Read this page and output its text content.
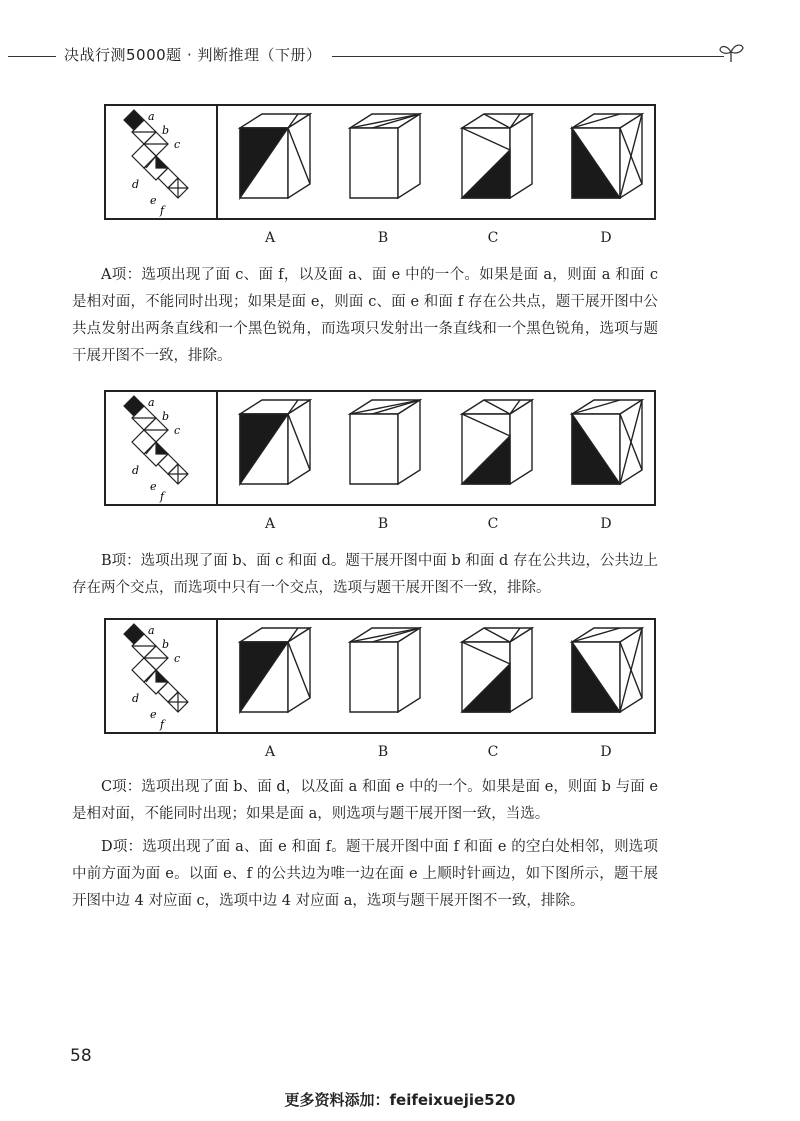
决战行测5000题 · 判断推理（下册）
a
b
c
d
e
f
A	B	C	D

A项：选项出现了面 c、面 f，以及面 a、面 e 中的一个。如果是面 a，则面 a 和面 c 是相对面，不能同时出现；如果是面 e，则面 c、面 e 和面 f 存在公共点，题干展开图中公共点发射出两条直线和一个黑色锐角，而选项只发射出一条直线和一个黑色锐角，选项与题干展开图不一致，排除。

a
b
c
d
e
f
A	B	C	D

B项：选项出现了面 b、面 c 和面 d。题干展开图中面 b 和面 d 存在公共边，公共边上存在两个交点，而选项中只有一个交点，选项与题干展开图不一致，排除。

a
b
c
d
e
f
A	B	C	D

C项：选项出现了面 b、面 d，以及面 a 和面 e 中的一个。如果是面 e，则面 b 与面 e 是相对面，不能同时出现；如果是面 a，则选项与题干展开图一致，当选。

D项：选项出现了面 a、面 e 和面 f。题干展开图中面 f 和面 e 的空白处相邻，则选项中前方面为面 e。以面 e、f 的公共边为唯一边在面 e 上顺时针画边，如下图所示，题干展开图中边 4 对应面 c，选项中边 4 对应面 a，选项与题干展开图不一致，排除。

58
更多资料添加：feifeixuejie520
